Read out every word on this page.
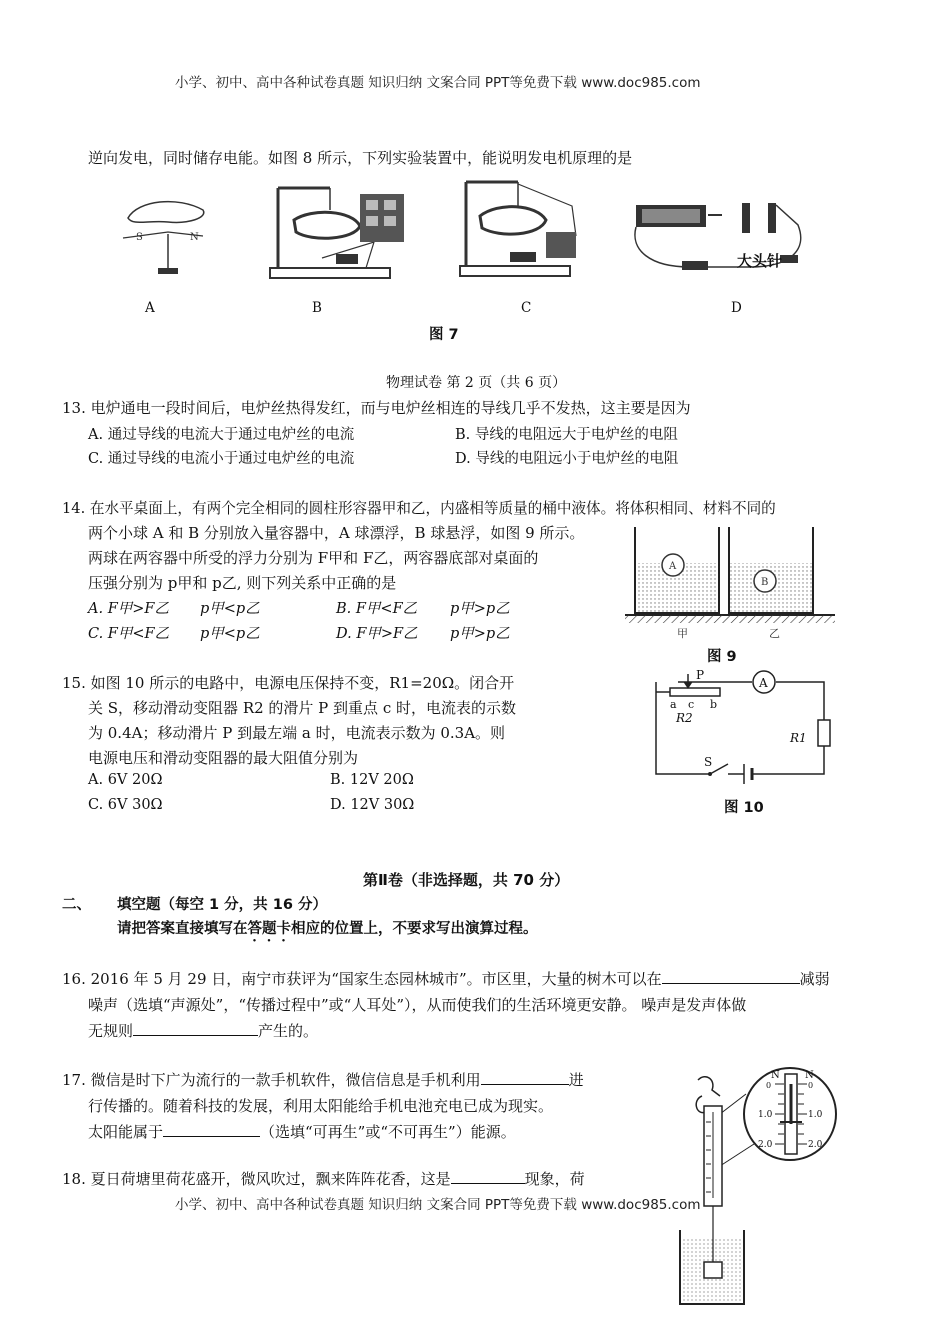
小学、初中、高中各种试卷真题 知识归纳 文案合同 PPT等免费下载 www.doc985.com
逆向发电，同时储存电能。如图 8 所示，下列实验装置中，能说明发电机原理的是
S	N
大头针
A	B	C	D
图 7
物理试卷 第 2 页（共 6 页）
13. 电炉通电一段时间后，电炉丝热得发红，而与电炉丝相连的导线几乎不发热，这主要是因为
A. 通过导线的电流大于通过电炉丝的电流	B. 导线的电阻远大于电炉丝的电阻
C. 通过导线的电流小于通过电炉丝的电流	D. 导线的电阻远小于电炉丝的电阻
14. 在水平桌面上，有两个完全相同的圆柱形容器甲和乙，内盛相等质量的桶中液体。将体积相同、材料不同的
两个小球 A 和 B 分别放入量容器中，A 球漂浮，B 球悬浮，如图 9 所示。
两球在两容器中所受的浮力分别为 F甲和 F乙，两容器底部对桌面的
压强分别为 p甲和 p乙, 则下列关系中正确的是
A. F甲>F乙 p甲<p乙	B. F甲<F乙 p甲>p乙
C. F甲<F乙 p甲<p乙	D. F甲>F乙 p甲>p乙
A
B
甲	乙
图 9
15. 如图 10 所示的电路中，电源电压保持不变，R1=20Ω。闭合开
关 S，移动滑动变阻器 R2 的滑片 P 到重点 c 时，电流表的示数
为 0.4A；移动滑片 P 到最左端 a 时，电流表示数为 0.3A。则
电源电压和滑动变阻器的最大阻值分别为
A. 6V 20Ω	B. 12V 20Ω
C. 6V 30Ω	D. 12V 30Ω
P
a c b
R2
A
R1
S
图 10
第Ⅱ卷（非选择题，共 70 分）
二、 填空题（每空 1 分，共 16 分）
请把答案直接填写在答题卡相应的位置上，不要求写出演算过程。
16. 2016 年 5 月 29 日，南宁市获评为“国家生态园林城市”。市区里，大量的树木可以在	减弱
噪声（选填“声源处”，“传播过程中”或“人耳处”），从而使我们的生活环境更安静。 噪声是发声体做
无规则	产生的。
17. 微信是时下广为流行的一款手机软件，微信信息是手机利用	进
行传播的。随着科技的发展，利用太阳能给手机电池充电已成为现实。
太阳能属于	（选填“可再生”或“不可再生”）能源。
18. 夏日荷塘里荷花盛开，微风吹过，飘来阵阵花香，这是	现象，荷
N	N
0	0
1.0	1.0
2.0	2.0
小学、初中、高中各种试卷真题 知识归纳 文案合同 PPT等免费下载 www.doc985.com
